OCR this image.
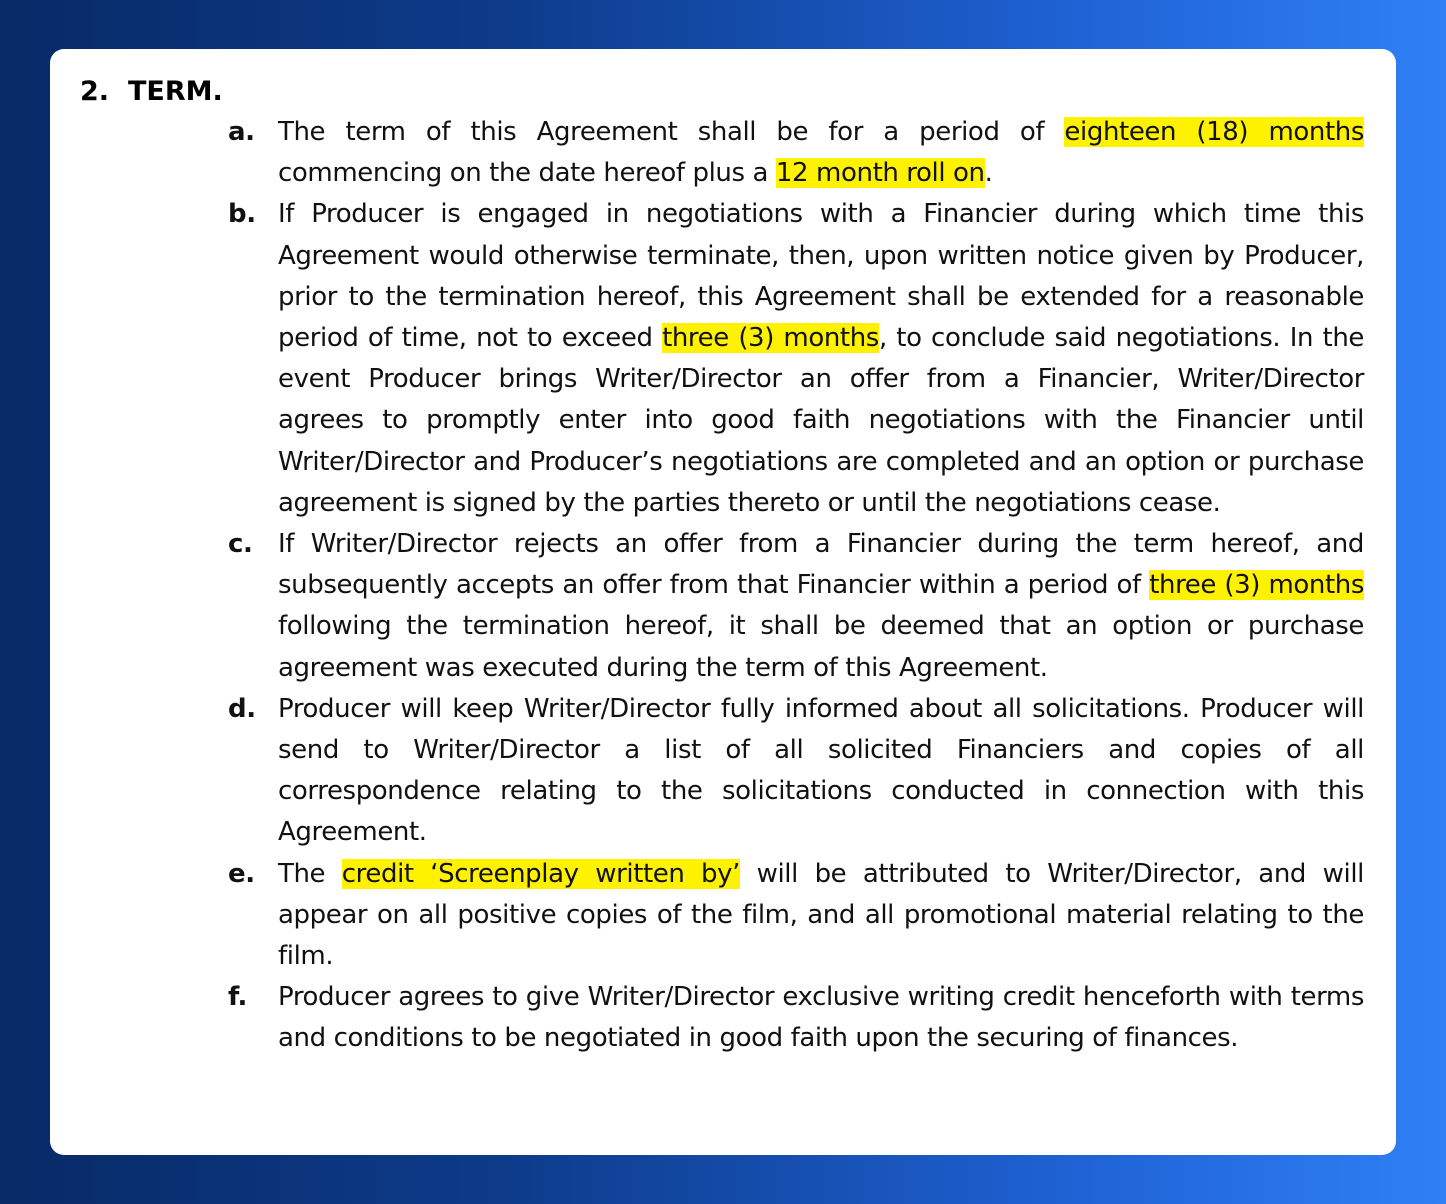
2. TERM.
a. The term of this Agreement shall be for a period of eighteen (18) months commencing on the date hereof plus a 12 month roll on.
b. If Producer is engaged in negotiations with a Financier during which time this Agreement would otherwise terminate, then, upon written notice given by Producer, prior to the termination hereof, this Agreement shall be extended for a reasonable period of time, not to exceed three (3) months, to conclude said negotiations. In the event Producer brings Writer/Director an offer from a Financier, Writer/Director agrees to promptly enter into good faith negotiations with the Financier until Writer/Director and Producer’s negotiations are completed and an option or purchase agreement is signed by the parties thereto or until the negotiations cease.
c. If Writer/Director rejects an offer from a Financier during the term hereof, and subsequently accepts an offer from that Financier within a period of three (3) months following the termination hereof, it shall be deemed that an option or purchase agreement was executed during the term of this Agreement.
d. Producer will keep Writer/Director fully informed about all solicitations. Producer will send to Writer/Director a list of all solicited Financiers and copies of all correspondence relating to the solicitations conducted in connection with this Agreement.
e. The credit ‘Screenplay written by’ will be attributed to Writer/Director, and will appear on all positive copies of the film, and all promotional material relating to the film.
f. Producer agrees to give Writer/Director exclusive writing credit henceforth with terms and conditions to be negotiated in good faith upon the securing of finances.
